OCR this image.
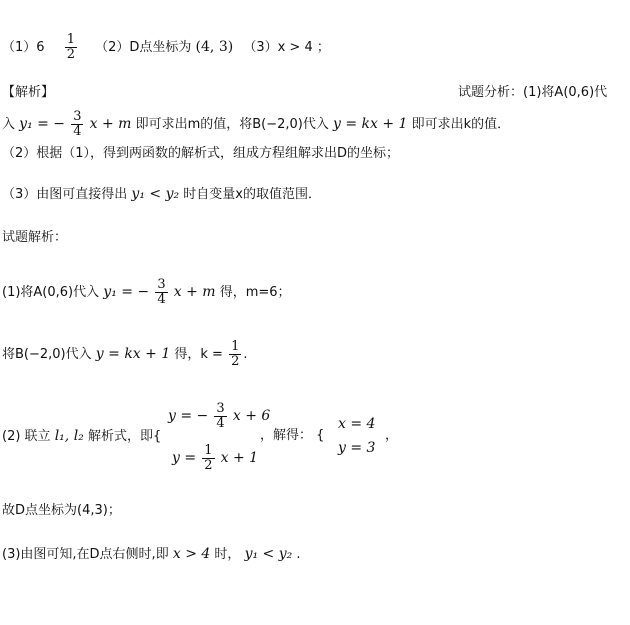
$(1)6 \frac{1}{2} (2)D$点坐标为 (4, 3) （3）x > 4 ；
【解析】	试题分析：(1)将A(0,6)代
入 y₁ = − $\frac{3}{4}$ x + m 即可求出m的值，将B(−2,0)代入 y = kx + 1 即可求出k的值．
（2）根据（1），得到两函数的解析式，组成方程组解求出D的坐标；
（3）由图可直接得出 y₁ < y₂ 时自变量x的取值范围．
试题解析：
(1)将A(0,6)代入 y₁ = − $\frac{3}{4}$ x + m 得，m=6；
将B(−2,0)代入 y = kx + 1 得，$k = \frac{1}{2}$ .
(2) 联立 l₁, l₂ 解析式，即{
y = − $\frac{3}{4}$ x + 6
$y = \frac{1}{2}$ x + 1
，解得： {
x = 4
y = 3
，
故D点坐标为(4,3)；
(3)由图可知,在D点右侧时,即 x > 4 时， y₁ < y₂ .
